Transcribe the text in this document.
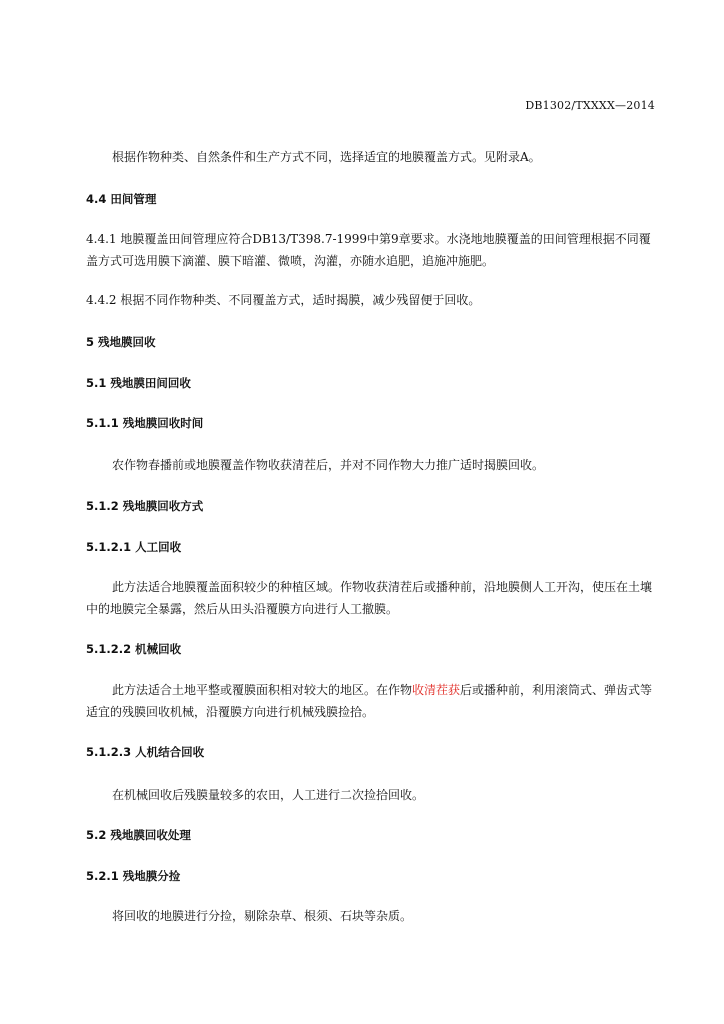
DB1302/TXXXX—2014
根据作物种类、自然条件和生产方式不同，选择适宜的地膜覆盖方式。见附录A。
4.4 田间管理
4.4.1 地膜覆盖田间管理应符合DB13/T398.7-1999中第9章要求。水浇地地膜覆盖的田间管理根据不同覆盖方式可选用膜下滴灌、膜下暗灌、微喷，沟灌，亦随水追肥，追施冲施肥。
4.4.2 根据不同作物种类、不同覆盖方式，适时揭膜，减少残留便于回收。
5 残地膜回收
5.1 残地膜田间回收
5.1.1 残地膜回收时间
农作物春播前或地膜覆盖作物收获清茬后，并对不同作物大力推广适时揭膜回收。
5.1.2 残地膜回收方式
5.1.2.1 人工回收
此方法适合地膜覆盖面积较少的种植区域。作物收获清茬后或播种前，沿地膜侧人工开沟，使压在土壤中的地膜完全暴露，然后从田头沿覆膜方向进行人工撤膜。
5.1.2.2 机械回收
此方法适合土地平整或覆膜面积相对较大的地区。在作物收清茬获后或播种前，利用滚筒式、弹齿式等适宜的残膜回收机械，沿覆膜方向进行机械残膜捡拾。
5.1.2.3 人机结合回收
在机械回收后残膜量较多的农田，人工进行二次捡拾回收。
5.2 残地膜回收处理
5.2.1 残地膜分捡
将回收的地膜进行分捡，剔除杂草、根须、石块等杂质。
